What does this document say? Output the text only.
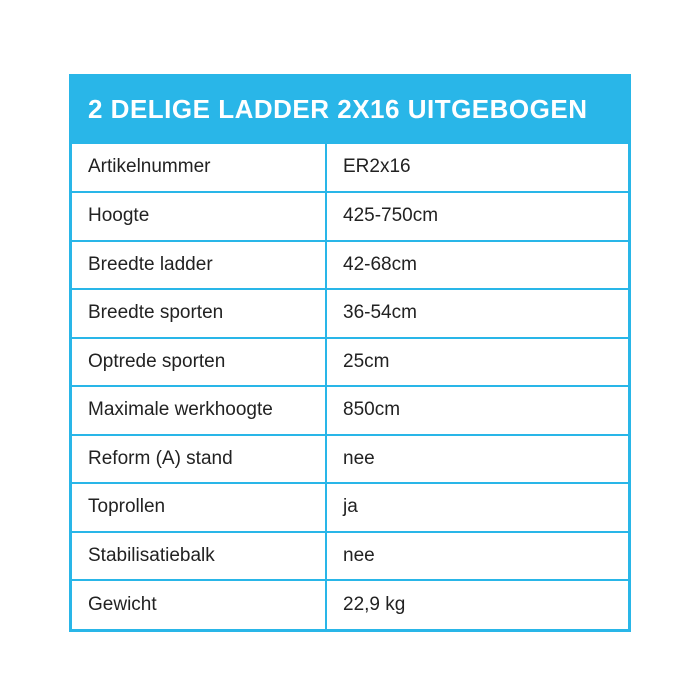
2 DELIGE LADDER 2X16 UITGEBOGEN
Artikelnummer	ER2x16
Hoogte	425-750cm
Breedte ladder	42-68cm
Breedte sporten	36-54cm
Optrede sporten	25cm
Maximale werkhoogte	850cm
Reform (A) stand	nee
Toprollen	ja
Stabilisatiebalk	nee
Gewicht	22,9 kg
